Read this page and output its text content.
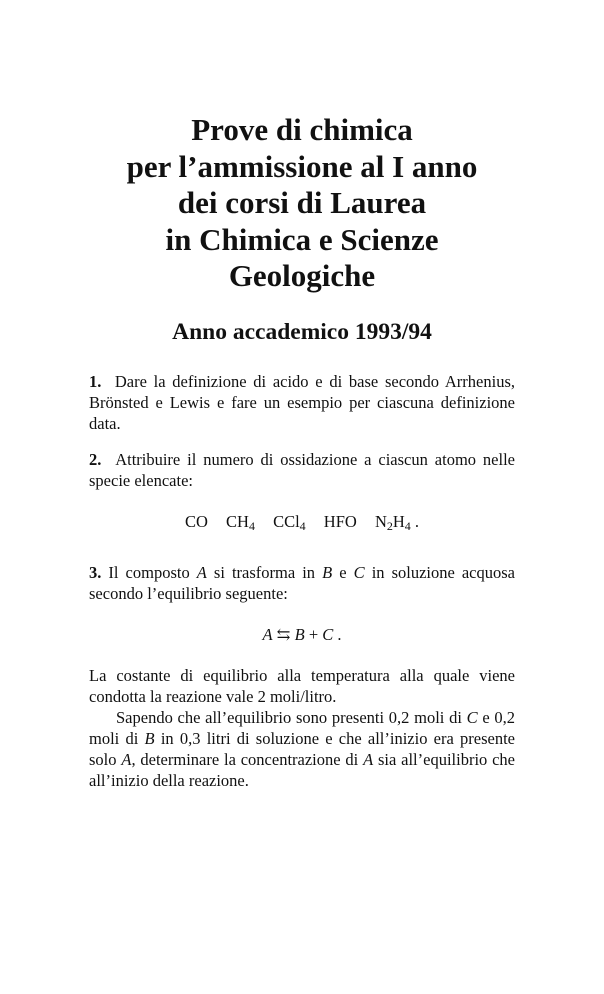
Prove di chimica
per l’ammissione al I anno
dei corsi di Laurea
in Chimica e Scienze
Geologiche
Anno accademico 1993/94

1. Dare la definizione di acido e di base secondo Arrhenius, Brönsted e Lewis e fare un esempio per ciascuna definizione data.

2. Attribuire il numero di ossidazione a ciascun atomo nelle specie elencate:

CO $CH_4$ CCl$_4$ HFO $N_2H_4$ .

3. Il composto A si trasforma in B e C in soluzione acquosa secondo l’equilibrio seguente:

A ⇆ B + C .

La costante di equilibrio alla temperatura alla quale viene condotta la reazione vale 2 moli/litro.

Sapendo che all’equilibrio sono presenti 0,2 moli di C e 0,2 moli di B in 0,3 litri di soluzione e che all’inizio era presente solo A, determinare la concentrazione di A sia all’equilibrio che all’inizio della reazione.
